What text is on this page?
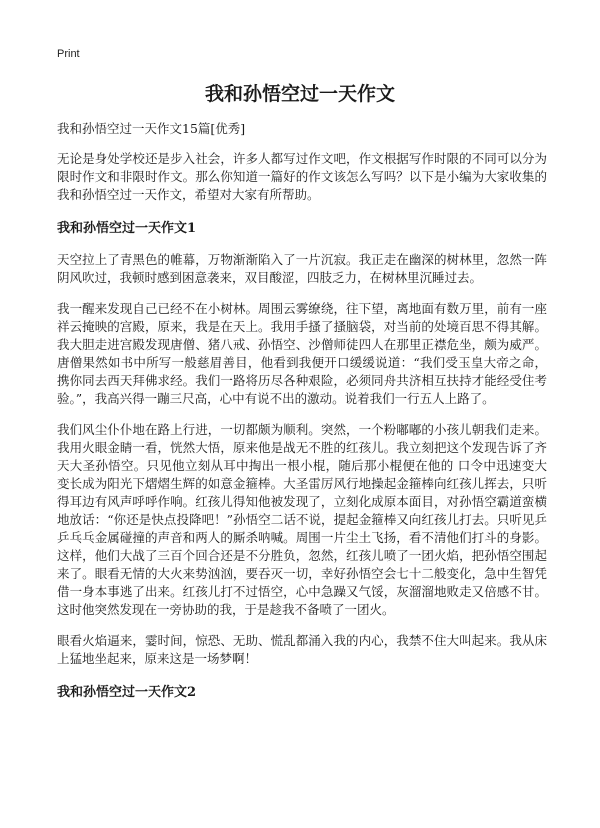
Print
我和孙悟空过一天作文

我和孙悟空过一天作文15篇[优秀]

无论是身处学校还是步入社会，许多人都写过作文吧，作文根据写作时限的不同可以分为限时作文和非限时作文。那么你知道一篇好的作文该怎么写吗？以下是小编为大家收集的我和孙悟空过一天作文，希望对大家有所帮助。

我和孙悟空过一天作文1

天空拉上了青黑色的帷幕，万物渐渐陷入了一片沉寂。我正走在幽深的树林里，忽然一阵阴风吹过，我顿时感到困意袭来，双目酸涩，四肢乏力，在树林里沉睡过去。

我一醒来发现自己已经不在小树林。周围云雾缭绕，往下望，离地面有数万里，前有一座祥云掩映的宫殿，原来，我是在天上。我用手搔了搔脑袋，对当前的处境百思不得其解。我大胆走进宫殿发现唐僧、猪八戒、孙悟空、沙僧师徒四人在那里正襟危坐，颇为威严。唐僧果然如书中所写一般慈眉善目，他看到我便开口缓缓说道：“我们受玉皇大帝之命，携你同去西天拜佛求经。我们一路将历尽各种艰险，必须同舟共济相互扶持才能经受住考验。”，我高兴得一蹦三尺高，心中有说不出的激动。说着我们一行五人上路了。

我们风尘仆仆地在路上行进，一切都颇为顺利。突然，一个粉嘟嘟的小孩儿朝我们走来。我用火眼金睛一看，恍然大悟，原来他是战无不胜的红孩儿。我立刻把这个发现告诉了齐天大圣孙悟空。只见他立刻从耳中掏出一根小棍，随后那小棍便在他的 口令中迅速变大变长成为阳光下熠熠生辉的如意金箍棒。大圣雷厉风行地操起金箍棒向红孩儿挥去，只听得耳边有风声呼呼作响。红孩儿得知他被发现了，立刻化成原本面目，对孙悟空霸道蛮横地放话：“你还是快点投降吧！”孙悟空二话不说，提起金箍棒又向红孩儿打去。只听见乒乒乓乓金属碰撞的声音和两人的厮杀呐喊。周围一片尘土飞扬，看不清他们打斗的身影。这样，他们大战了三百个回合还是不分胜负，忽然，红孩儿喷了一团火焰，把孙悟空围起来了。眼看无情的大火来势汹汹，要吞灭一切，幸好孙悟空会七十二般变化，急中生智凭借一身本事逃了出来。红孩儿打不过悟空，心中急躁又气馁，灰溜溜地败走又倍感不甘。这时他突然发现在一旁协助的我，于是趁我不备喷了一团火。

眼看火焰逼来，霎时间，惊恐、无助、慌乱都涌入我的内心，我禁不住大叫起来。我从床上猛地坐起来，原来这是一场梦啊！

我和孙悟空过一天作文2
